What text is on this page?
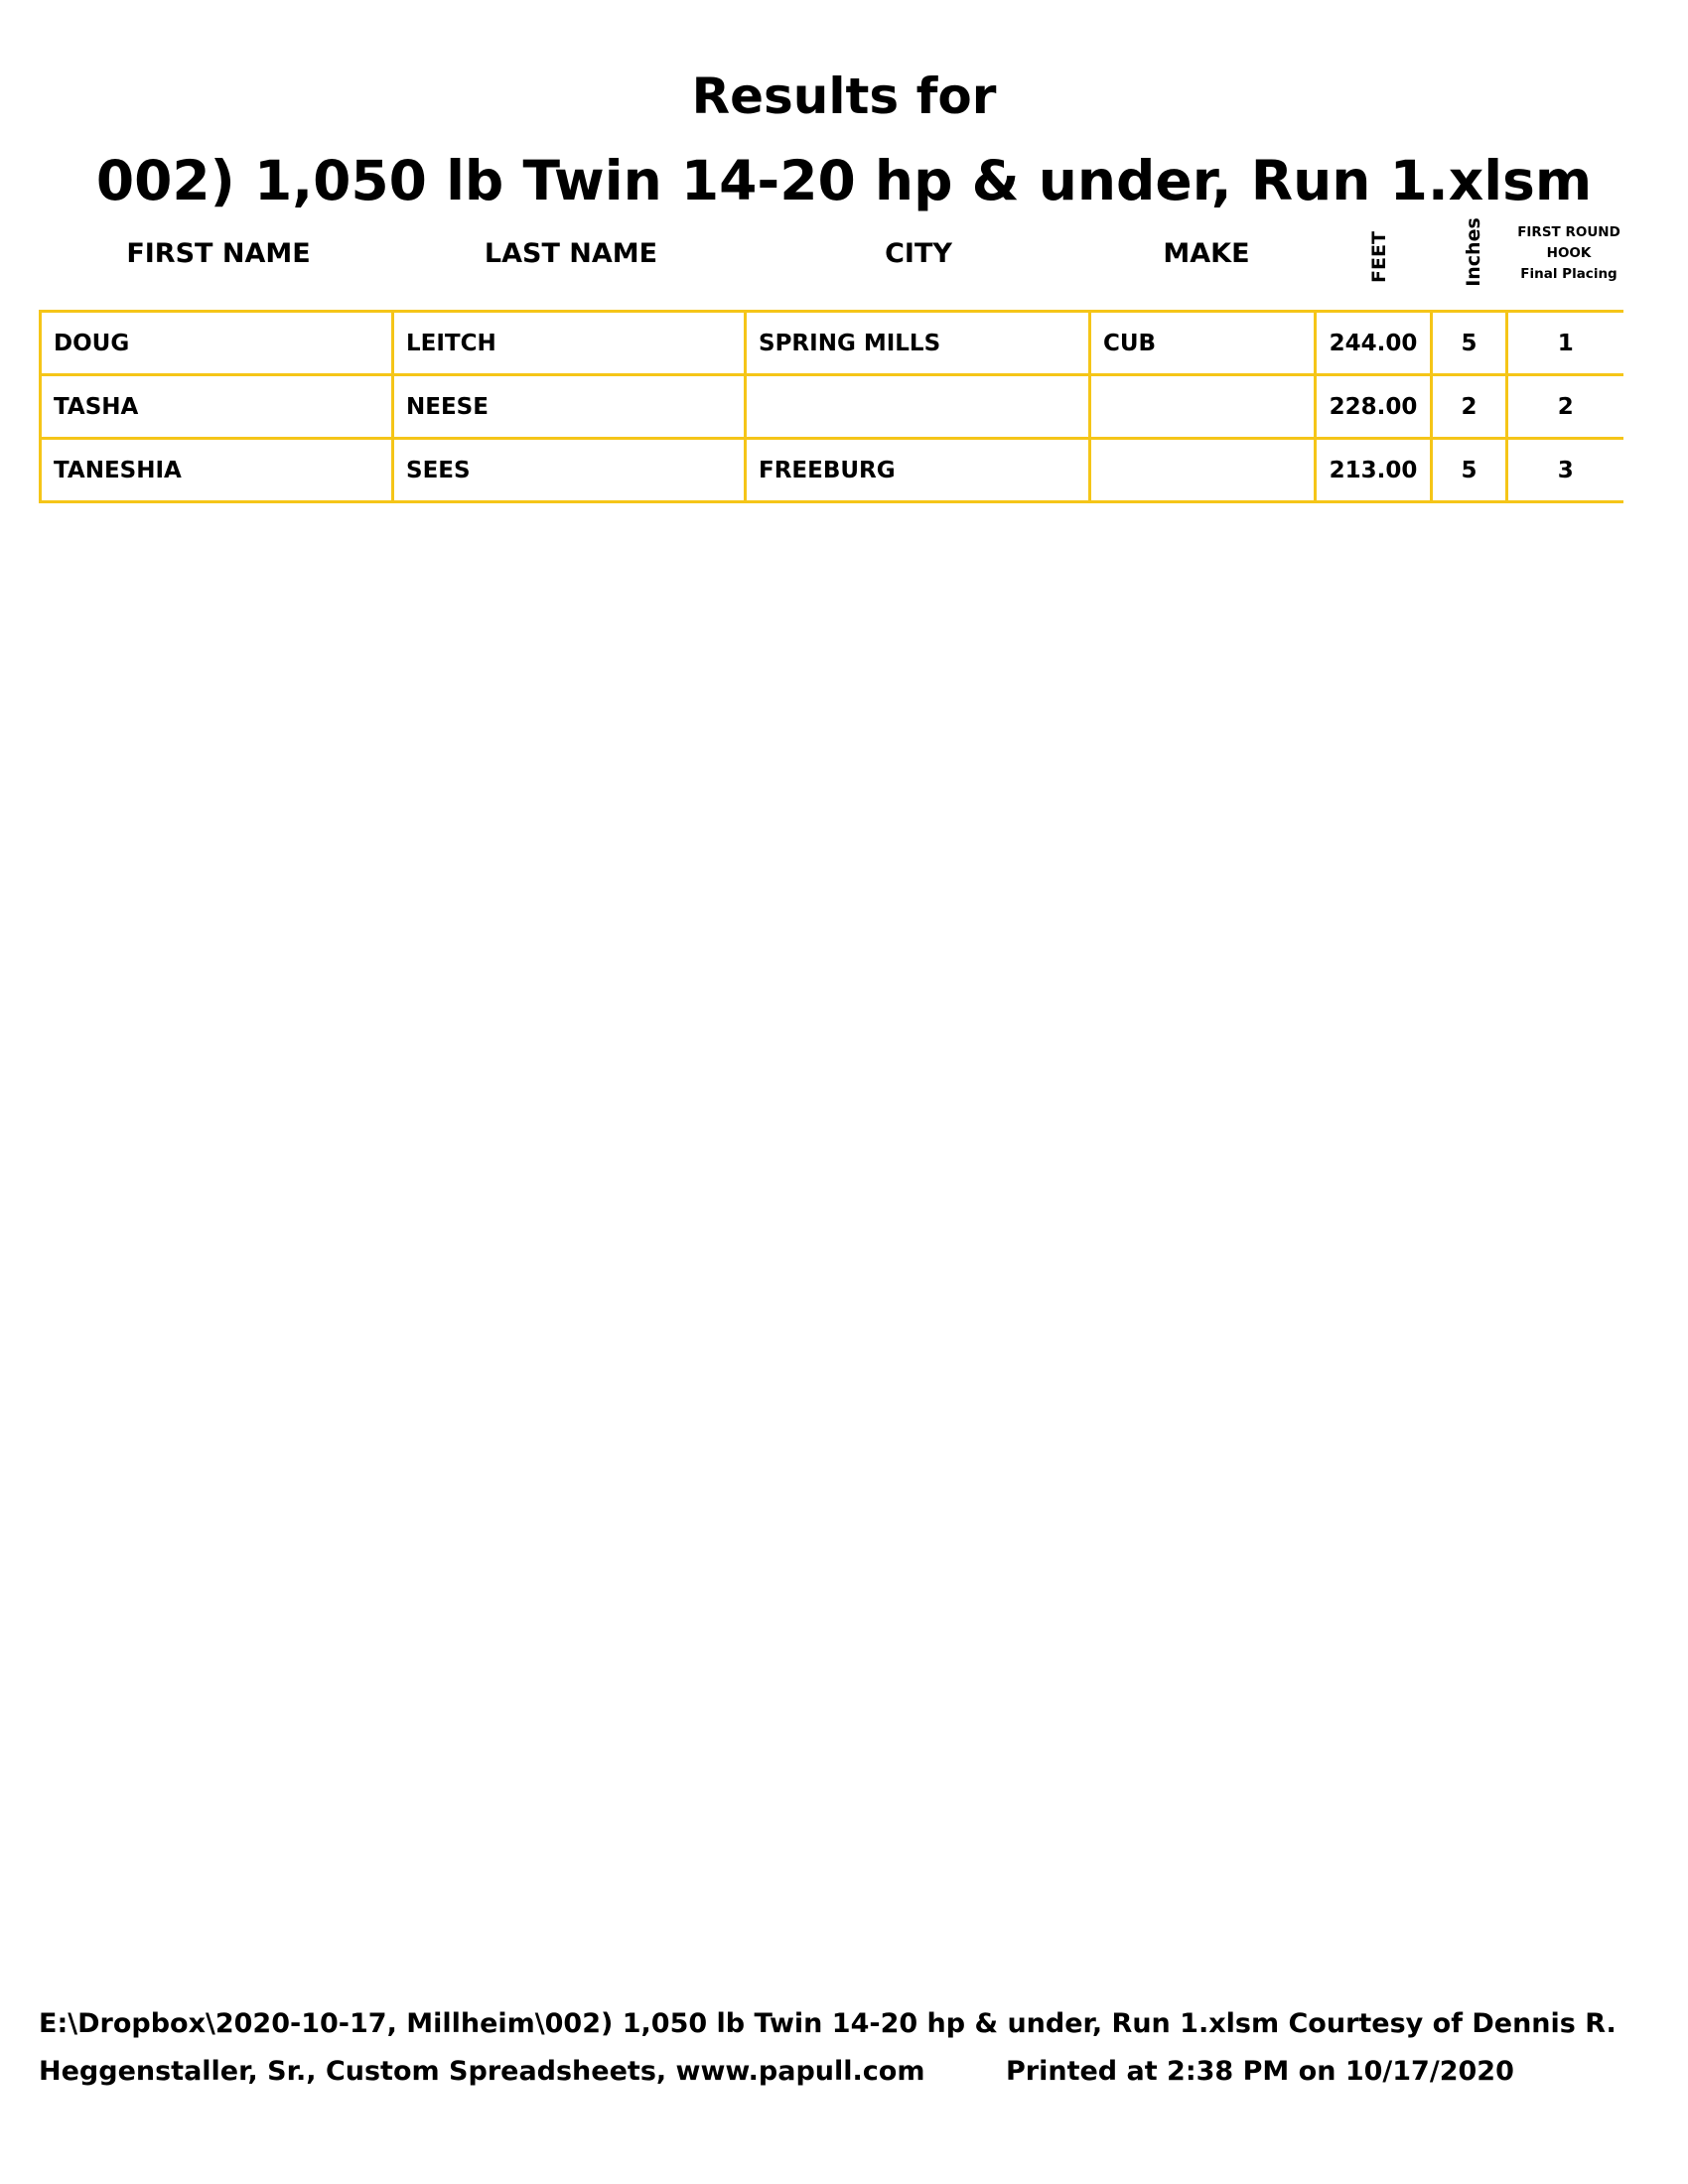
Results for
002) 1,050 lb Twin 14-20 hp & under, Run 1.xlsm
FIRST NAME	LAST NAME	CITY	MAKE	FEET	Inches	FIRST ROUND
HOOK
Final Placing
DOUG	LEITCH	SPRING MILLS	CUB	244.00	5	1
TASHA	NEESE			228.00	2	2
TANESHIA	SEES	FREEBURG		213.00	5	3
E:\Dropbox\2020-10-17, Millheim\002) 1,050 lb Twin 14-20 hp & under, Run 1.xlsm Courtesy of Dennis R.
Heggenstaller, Sr., Custom Spreadsheets, www.papull.com	Printed at 2:38 PM on 10/17/2020
